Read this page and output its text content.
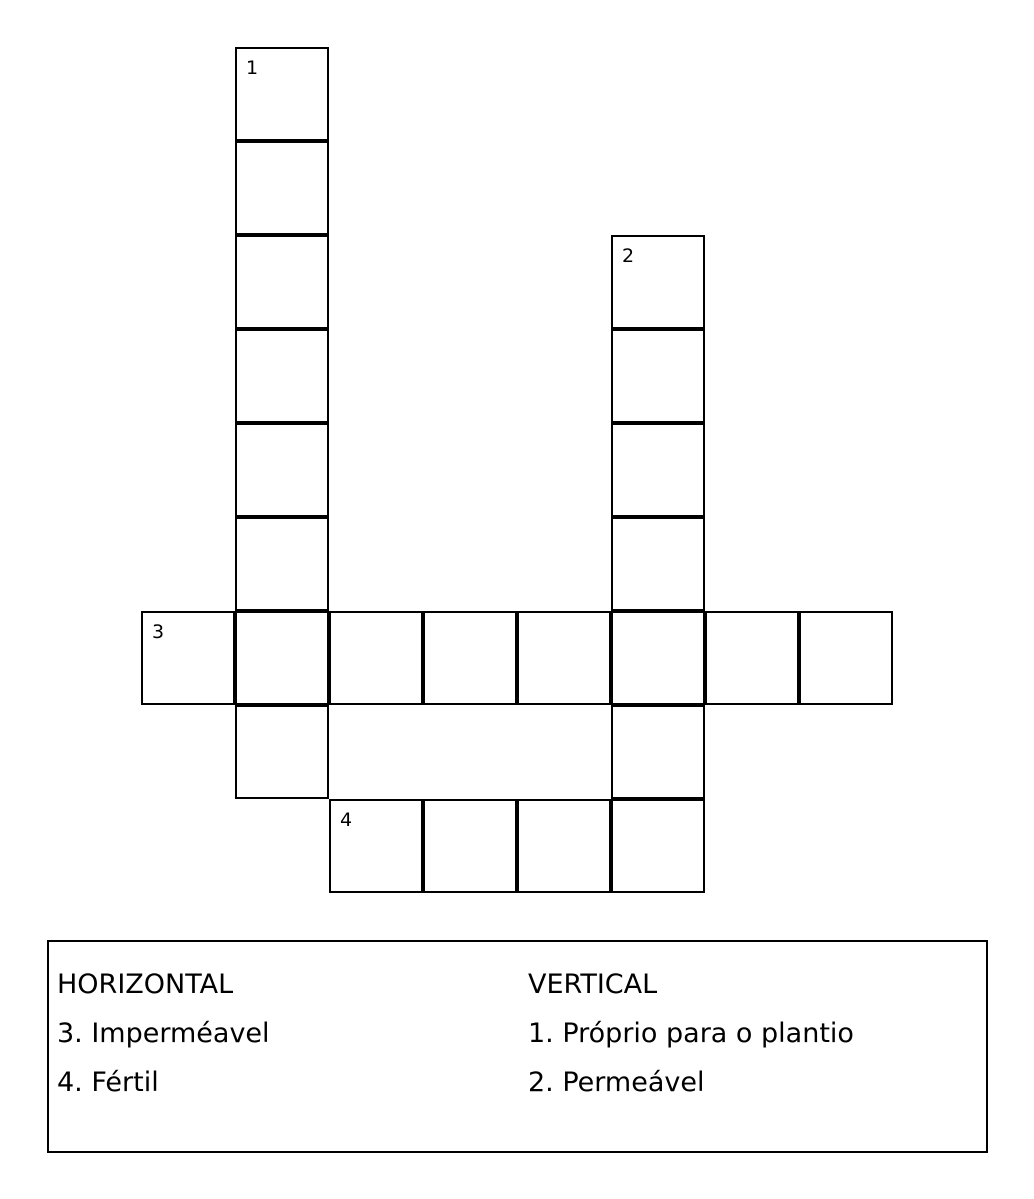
1
2
3
4
HORIZONTAL
3. Imperméavel
4. Fértil
VERTICAL
1. Próprio para o plantio
2. Permeável
